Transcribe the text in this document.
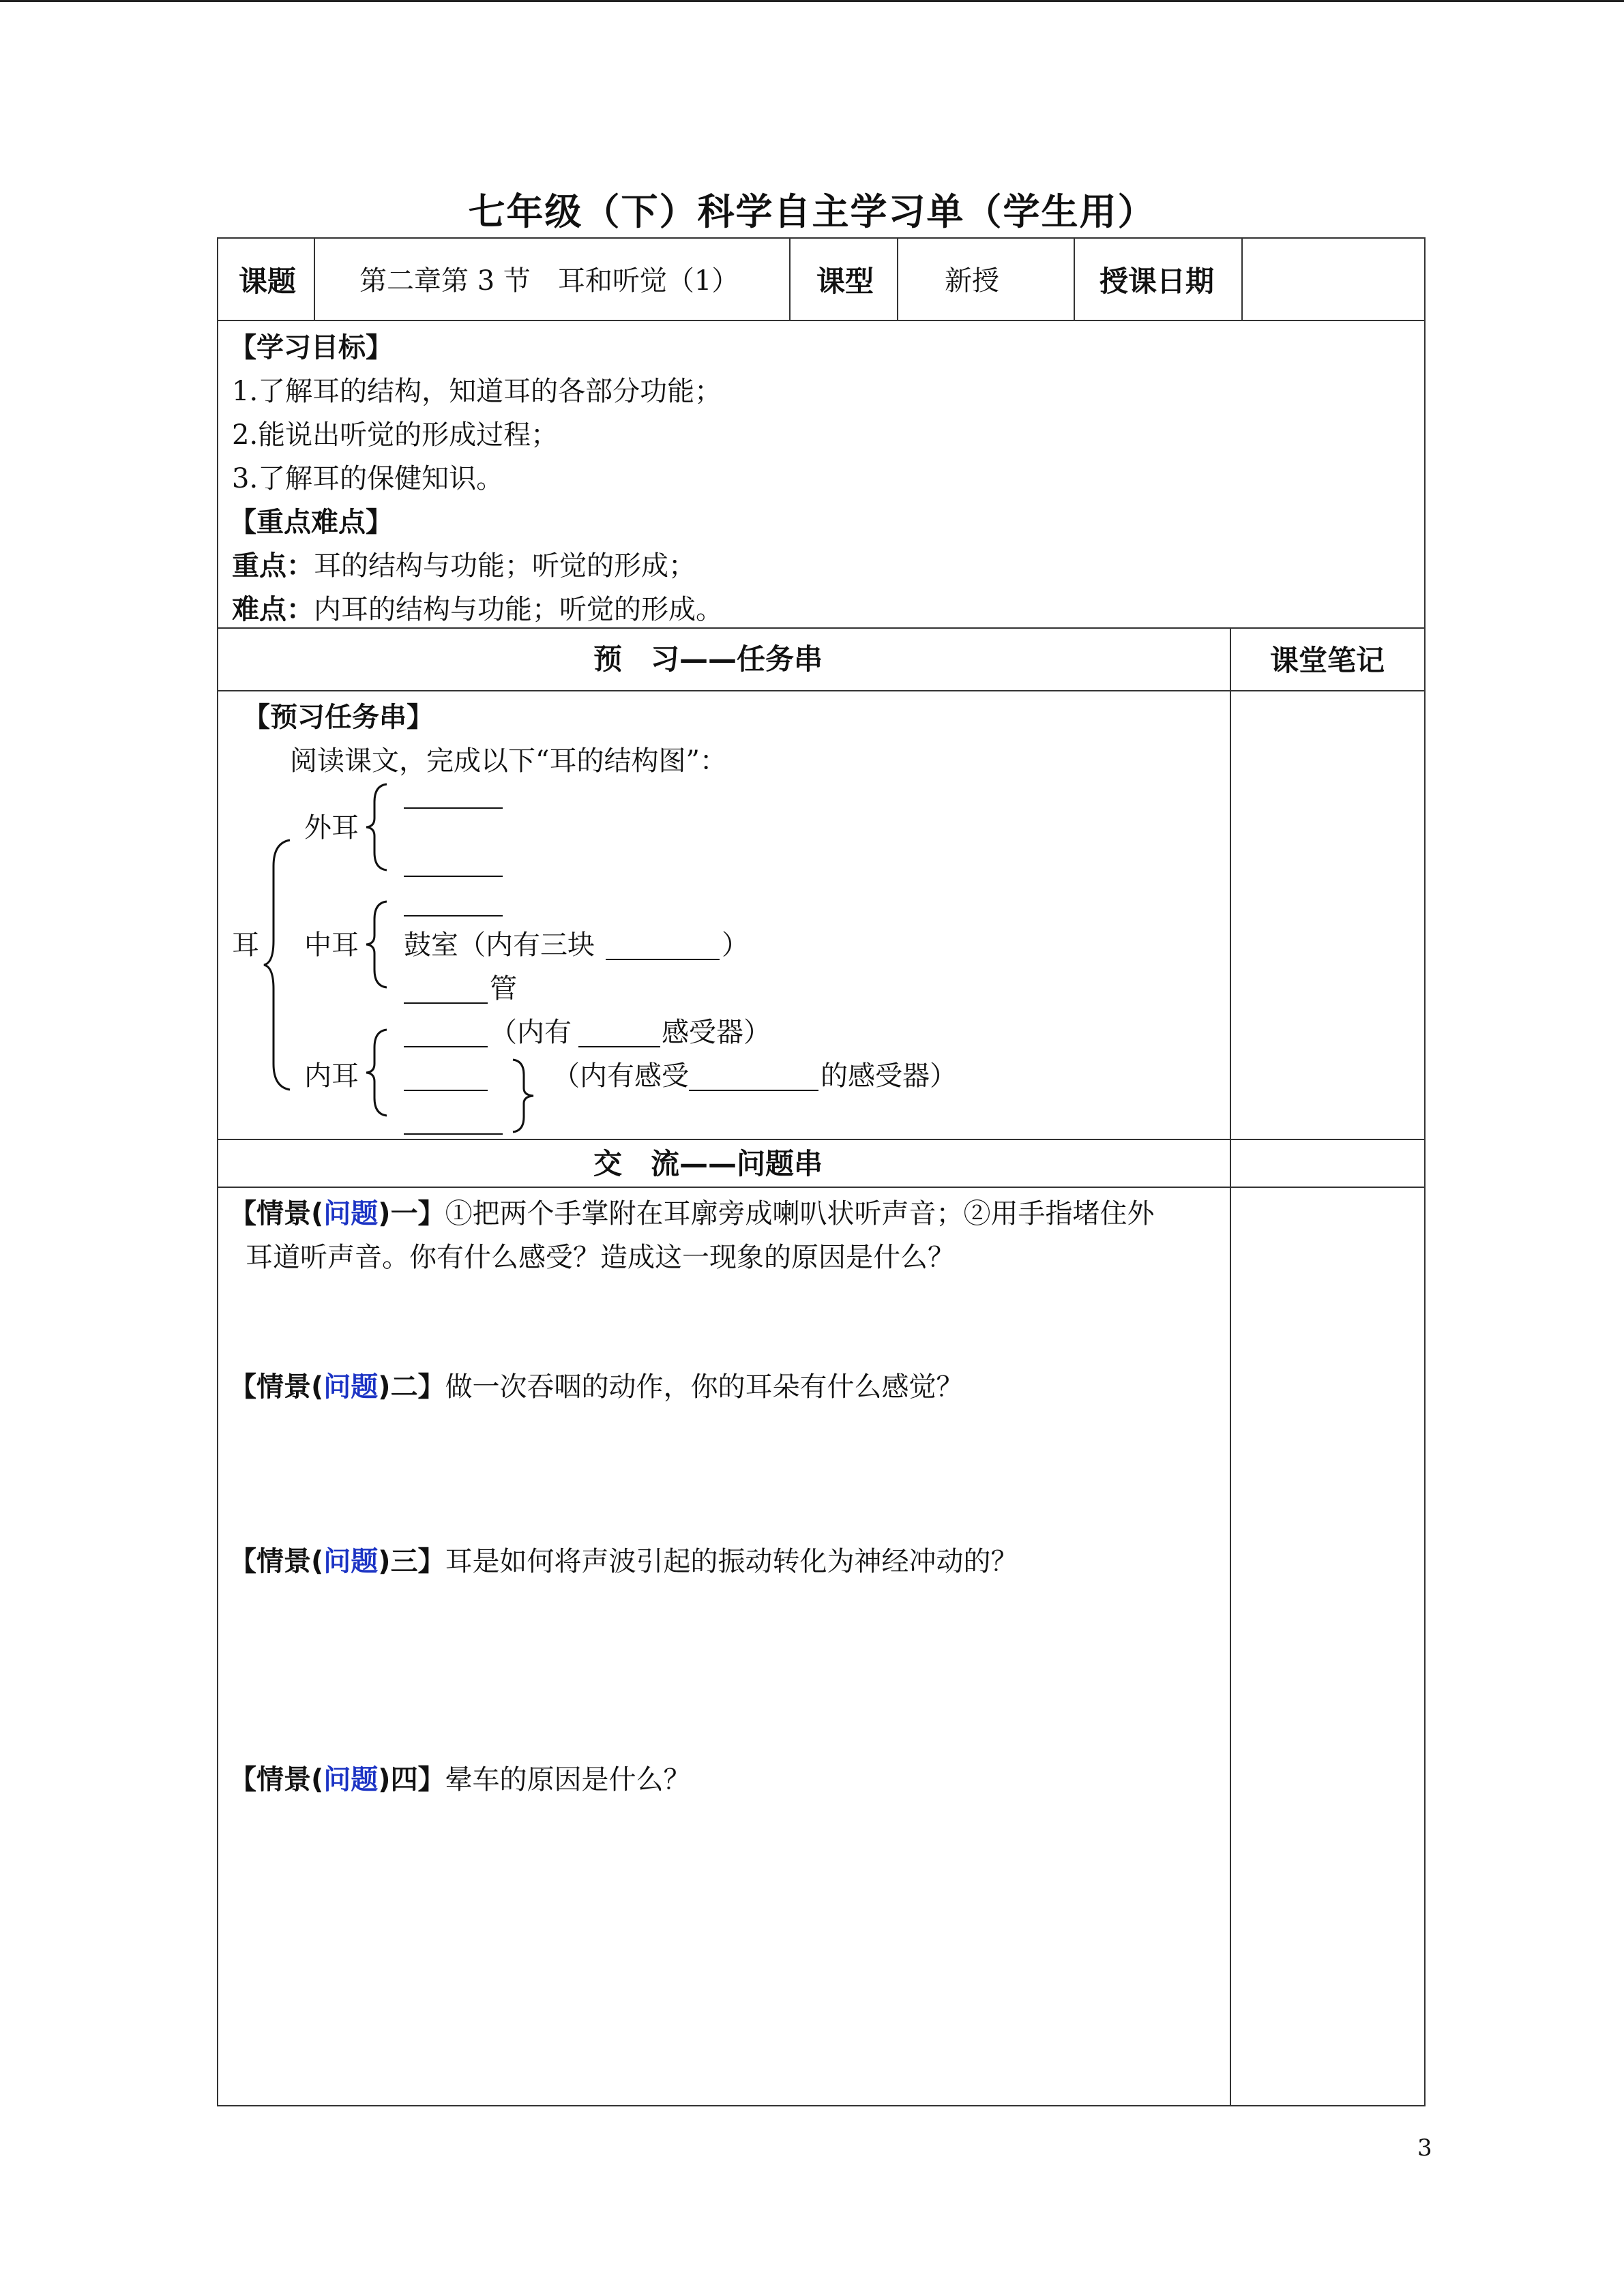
七年级（下）科学自主学习单（学生用）
课题 第二章第 3 节　耳和听觉（1）	课型	新授	授课日期
【学习目标】
1.了解耳的结构，知道耳的各部分功能；
2.能说出听觉的形成过程；
3.了解耳的保健知识。
【重点难点】
重点：耳的结构与功能；听觉的形成；
难点：内耳的结构与功能；听觉的形成。
预　习——任务串	课堂笔记
【预习任务串】
阅读课文，完成以下“耳的结构图”：
耳
外耳
中耳
内耳
鼓室（内有三块	）
管
（内有	感受器）
（内有感受	的感受器）
交　流——问题串
【情景(问题)一】①把两个手掌附在耳廓旁成喇叭状听声音；②用手指堵住外
耳道听声音。你有什么感受？造成这一现象的原因是什么？
【情景(问题)二】做一次吞咽的动作，你的耳朵有什么感觉？
【情景(问题)三】耳是如何将声波引起的振动转化为神经冲动的？
【情景(问题)四】晕车的原因是什么？
3
